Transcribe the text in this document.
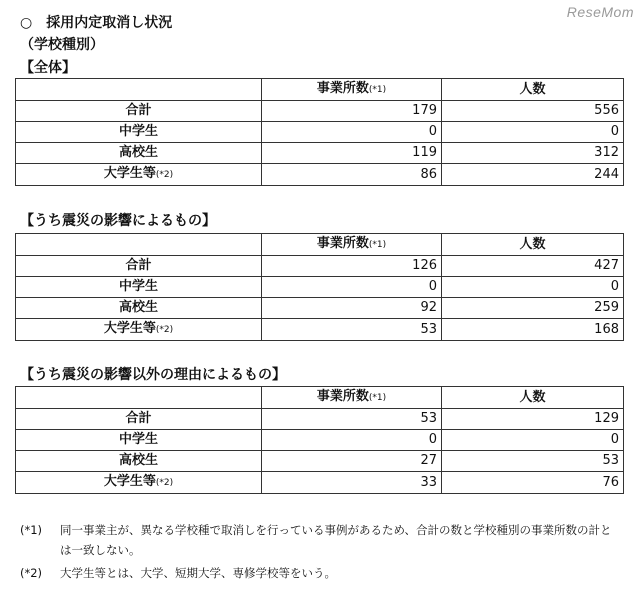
ReseMom
○　採用内定取消し状況
（学校種別）
【全体】
	事業所数(*1)	人数
合計	179	556
中学生	0	0
高校生	119	312
大学生等(*2)	86	244
【うち震災の影響によるもの】
	事業所数(*1)	人数
合計	126	427
中学生	0	0
高校生	92	259
大学生等(*2)	53	168
【うち震災の影響以外の理由によるもの】
	事業所数(*1)	人数
合計	53	129
中学生	0	0
高校生	27	53
大学生等(*2)	33	76
(*1) 同一事業主が、異なる学校種で取消しを行っている事例があるため、合計の数と学校種別の事業所数の計と
は一致しない。
(*2) 大学生等とは、大学、短期大学、専修学校等をいう。
